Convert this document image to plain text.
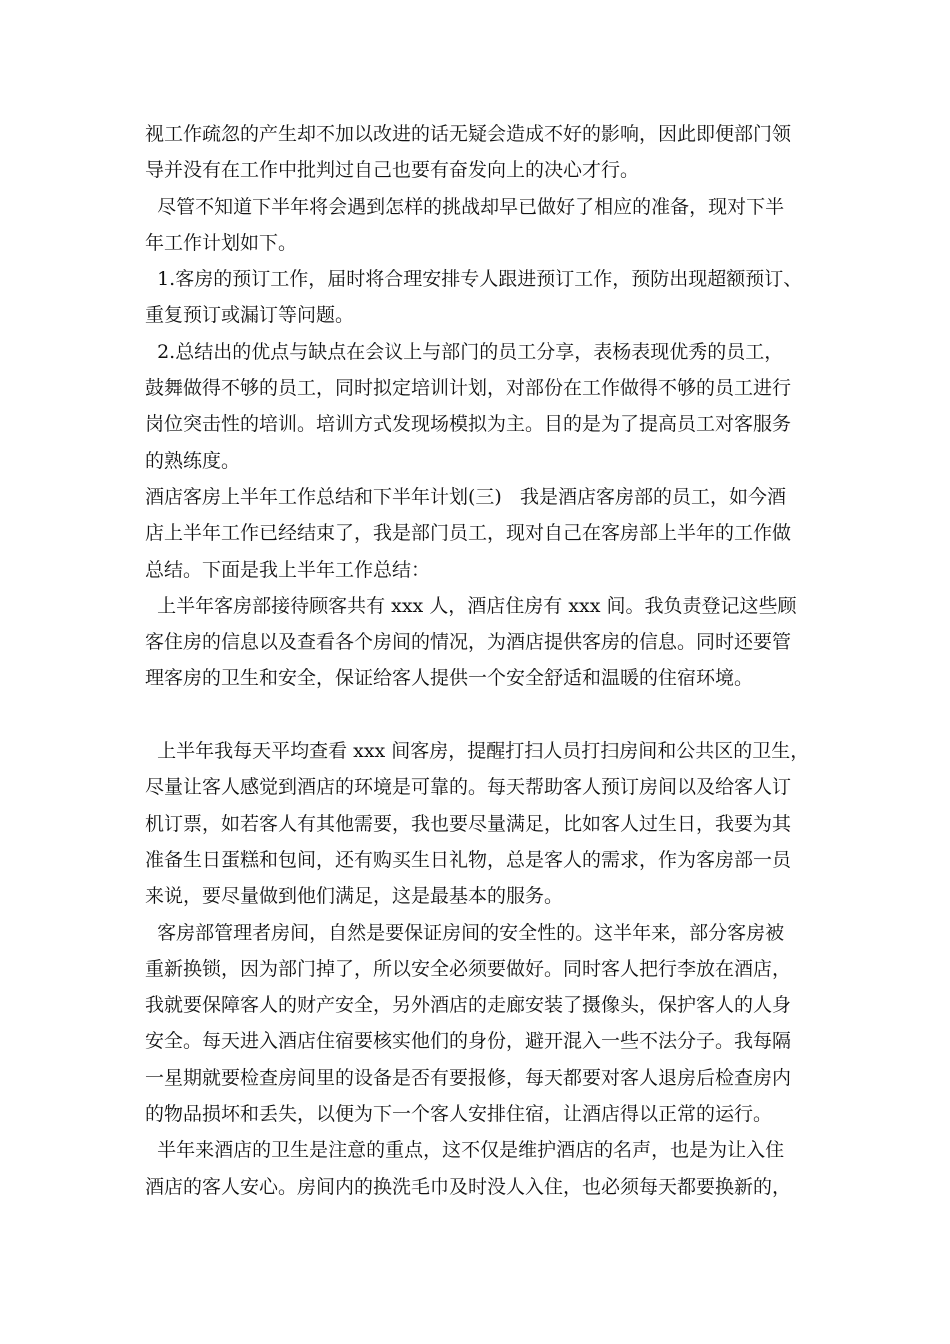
视工作疏忽的产生却不加以改进的话无疑会造成不好的影响，因此即便部门领

导并没有在工作中批判过自己也要有奋发向上的决心才行。

尽管不知道下半年将会遇到怎样的挑战却早已做好了相应的准备，现对下半

年工作计划如下。

1.客房的预订工作，届时将合理安排专人跟进预订工作，预防出现超额预订、

重复预订或漏订等问题。

2.总结出的优点与缺点在会议上与部门的员工分享，表杨表现优秀的员工，

鼓舞做得不够的员工，同时拟定培训计划，对部份在工作做得不够的员工进行

岗位突击性的培训。培训方式发现场模拟为主。目的是为了提高员工对客服务

的熟练度。

酒店客房上半年工作总结和下半年计划(三)   我是酒店客房部的员工，如今酒

店上半年工作已经结束了，我是部门员工，现对自己在客房部上半年的工作做

总结。下面是我上半年工作总结：

上半年客房部接待顾客共有 xxx 人，酒店住房有 xxx 间。我负责登记这些顾

客住房的信息以及查看各个房间的情况，为酒店提供客房的信息。同时还要管

理客房的卫生和安全，保证给客人提供一个安全舒适和温暖的住宿环境。

上半年我每天平均查看 xxx 间客房，提醒打扫人员打扫房间和公共区的卫生，

尽量让客人感觉到酒店的环境是可靠的。每天帮助客人预订房间以及给客人订

机订票，如若客人有其他需要，我也要尽量满足，比如客人过生日，我要为其

准备生日蛋糕和包间，还有购买生日礼物，总是客人的需求，作为客房部一员

来说，要尽量做到他们满足，这是最基本的服务。

客房部管理者房间，自然是要保证房间的安全性的。这半年来，部分客房被

重新换锁，因为部门掉了，所以安全必须要做好。同时客人把行李放在酒店，

我就要保障客人的财产安全，另外酒店的走廊安装了摄像头，保护客人的人身

安全。每天进入酒店住宿要核实他们的身份，避开混入一些不法分子。我每隔

一星期就要检查房间里的设备是否有要报修，每天都要对客人退房后检查房内

的物品损坏和丢失，以便为下一个客人安排住宿，让酒店得以正常的运行。

半年来酒店的卫生是注意的重点，这不仅是维护酒店的名声，也是为让入住

酒店的客人安心。房间内的换洗毛巾及时没人入住，也必须每天都要换新的，
